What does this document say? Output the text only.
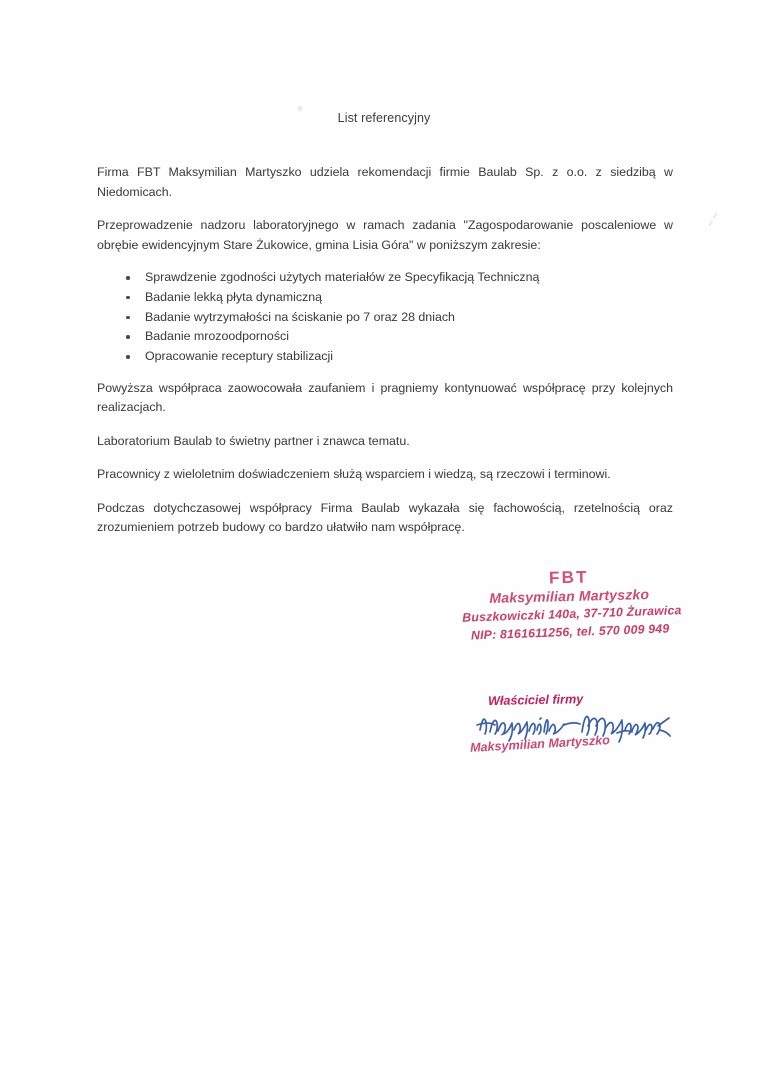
List referencyjny

Firma FBT Maksymilian Martyszko udziela rekomendacji firmie Baulab Sp. z o.o. z siedzibą w Niedomicach.

Przeprowadzenie nadzoru laboratoryjnego w ramach zadania "Zagospodarowanie poscaleniowe w obrębie ewidencyjnym Stare Żukowice, gmina Lisia Góra" w poniższym zakresie:

Sprawdzenie zgodności użytych materiałów ze Specyfikacją Techniczną
Badanie lekką płyta dynamiczną
Badanie wytrzymałości na ściskanie po 7 oraz 28 dniach
Badanie mrozoodporności
Opracowanie receptury stabilizacji

Powyższa współpraca zaowocowała zaufaniem i pragniemy kontynuować współpracę przy kolejnych realizacjach.

Laboratorium Baulab to świetny partner i znawca tematu.

Pracownicy z wieloletnim doświadczeniem służą wsparciem i wiedzą, są rzeczowi i terminowi.

Podczas dotychczasowej współpracy Firma Baulab wykazała się fachowością, rzetelnością oraz zrozumieniem potrzeb budowy co bardzo ułatwiło nam współpracę.

FBT
Maksymilian Martyszko
Buszkowiczki 140a, 37-710 Żurawica
NIP: 8161611256, tel. 570 009 949
Właściciel firmy
Maksymilian Martyszko
